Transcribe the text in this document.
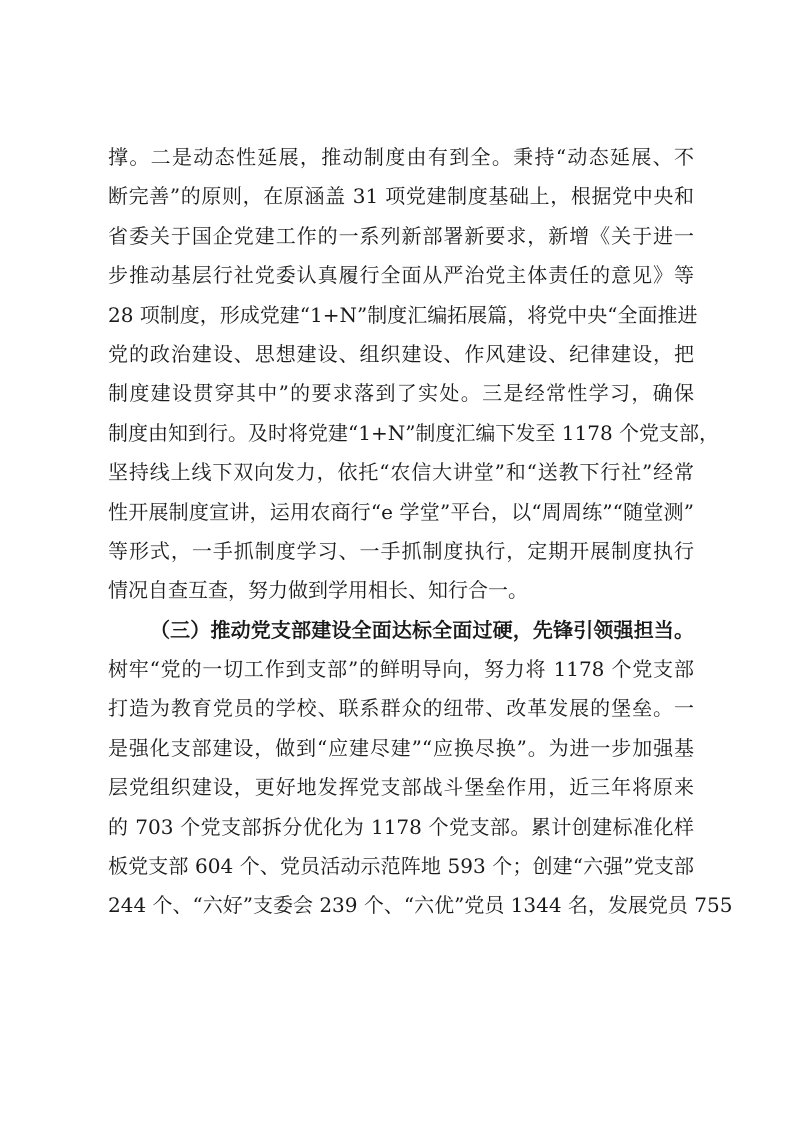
撑。二是动态性延展，推动制度由有到全。秉持“动态延展、不
断完善”的原则，在原涵盖 31 项党建制度基础上，根据党中央和
省委关于国企党建工作的一系列新部署新要求，新增《关于进一
步推动基层行社党委认真履行全面从严治党主体责任的意见》等
28 项制度，形成党建“1+N”制度汇编拓展篇，将党中央“全面推进
党的政治建设、思想建设、组织建设、作风建设、纪律建设，把
制度建设贯穿其中”的要求落到了实处。三是经常性学习，确保
制度由知到行。及时将党建“1+N”制度汇编下发至 1178 个党支部，
坚持线上线下双向发力，依托“农信大讲堂”和“送教下行社”经常
性开展制度宣讲，运用农商行“e 学堂”平台，以“周周练”“随堂测”
等形式，一手抓制度学习、一手抓制度执行，定期开展制度执行
情况自查互查，努力做到学用相长、知行合一。
（三）推动党支部建设全面达标全面过硬，先锋引领强担当。
树牢“党的一切工作到支部”的鲜明导向，努力将 1178 个党支部
打造为教育党员的学校、联系群众的纽带、改革发展的堡垒。一
是强化支部建设，做到“应建尽建”“应换尽换”。为进一步加强基
层党组织建设，更好地发挥党支部战斗堡垒作用，近三年将原来
的 703 个党支部拆分优化为 1178 个党支部。累计创建标准化样
板党支部 604 个、党员活动示范阵地 593 个；创建“六强”党支部
244 个、“六好”支委会 239 个、“六优”党员 1344 名，发展党员 755
